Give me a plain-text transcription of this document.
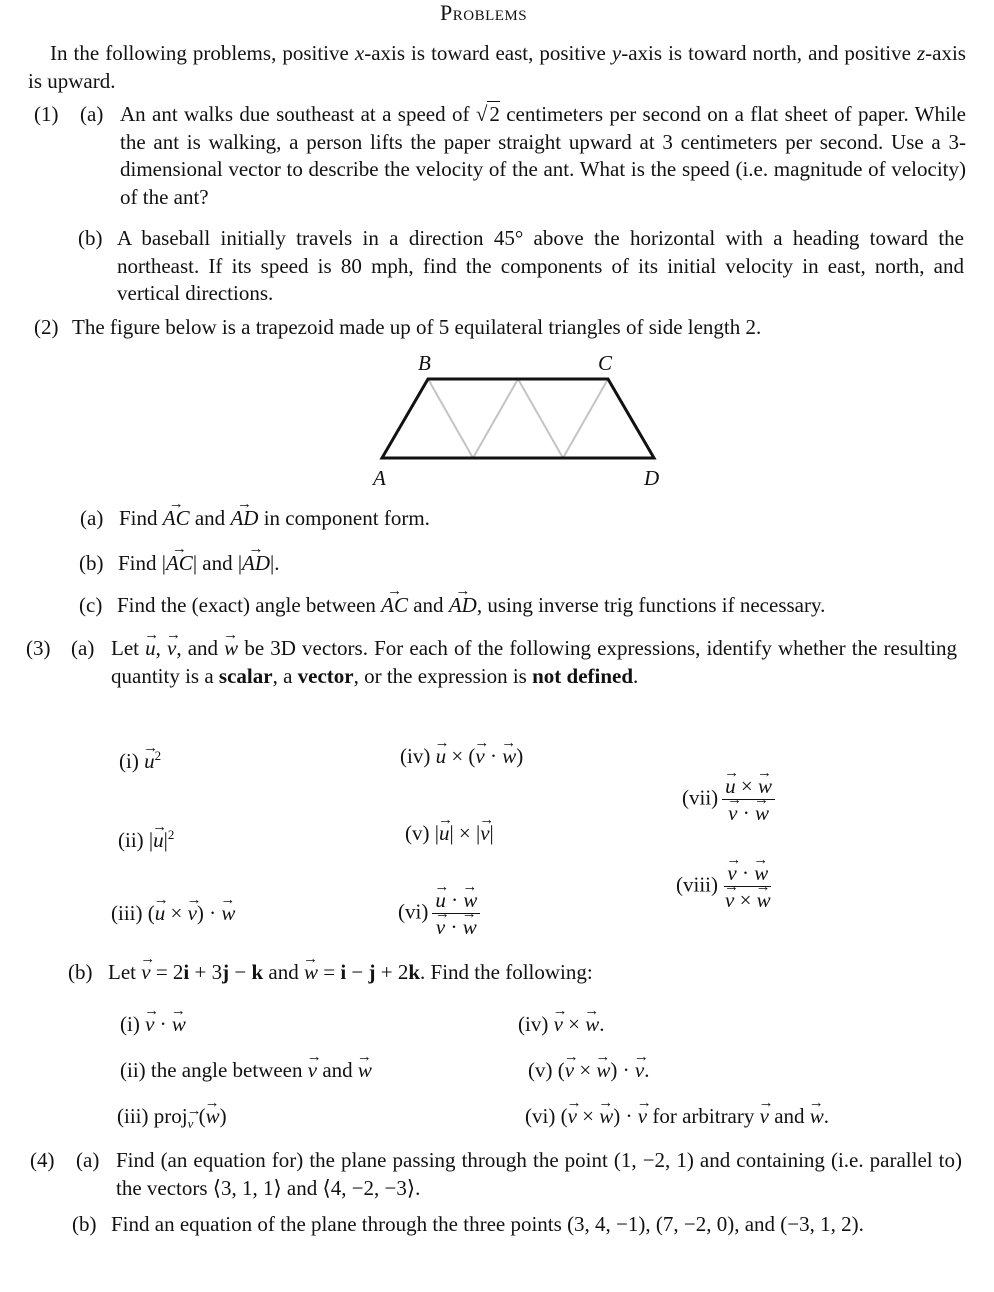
Problems
In the following problems, positive x-axis is toward east, positive y-axis is toward north, and positive z-axis is upward.
(1) (a) An ant walks due southeast at a speed of √2 centimeters per second on a flat sheet of paper. While the ant is walking, a person lifts the paper straight upward at 3 centimeters per second. Use a 3-dimensional vector to describe the velocity of the ant. What is the speed (i.e. magnitude of velocity) of the ant?
(b) A baseball initially travels in a direction 45° above the horizontal with a heading toward the northeast. If its speed is 80 mph, find the components of its initial velocity in east, north, and vertical directions.
(2) The figure below is a trapezoid made up of 5 equilateral triangles of side length 2.
B	C
A	D
(a) Find → AC and → AD in component form.
(b) Find |→ AC| and |→ AD|.
(c) Find the (exact) angle between → AC and → AD, using inverse trig functions if necessary.
(3) (a) Let → u, → v, and → w be 3D vectors. For each of the following expressions, identify whether the resulting quantity is a scalar, a vector, or the expression is not defined.
$(i) \to u^2$
(ii) |→ $u|^2$
(iii) (→ u × → v) · → w
(iv) → u × (→ v · → w)
(v) |→ u| × |→ v|
(vi) → u · → w
→ v · → w
(vii) → u × → w
→ v · → w
(viii) → v · → w
→ v × → w
(b) Let → v = 2i + 3j − k and → w = i − j + 2k. Find the following:
(i) → v · → w
(ii) the angle between → v and → w
(iii) proj→ $_v$ (→ w)
(iv) → v × → w.
(v) (→ v × → w) · → v.
(vi) (→ v × → w) · → v for arbitrary → v and → w.
(4) (a) Find (an equation for) the plane passing through the point (1, −2, 1) and containing (i.e. parallel to) the vectors ⟨3, 1, 1⟩ and ⟨4, −2, −3⟩.
(b) Find an equation of the plane through the three points (3, 4, −1), (7, −2, 0), and (−3, 1, 2).
